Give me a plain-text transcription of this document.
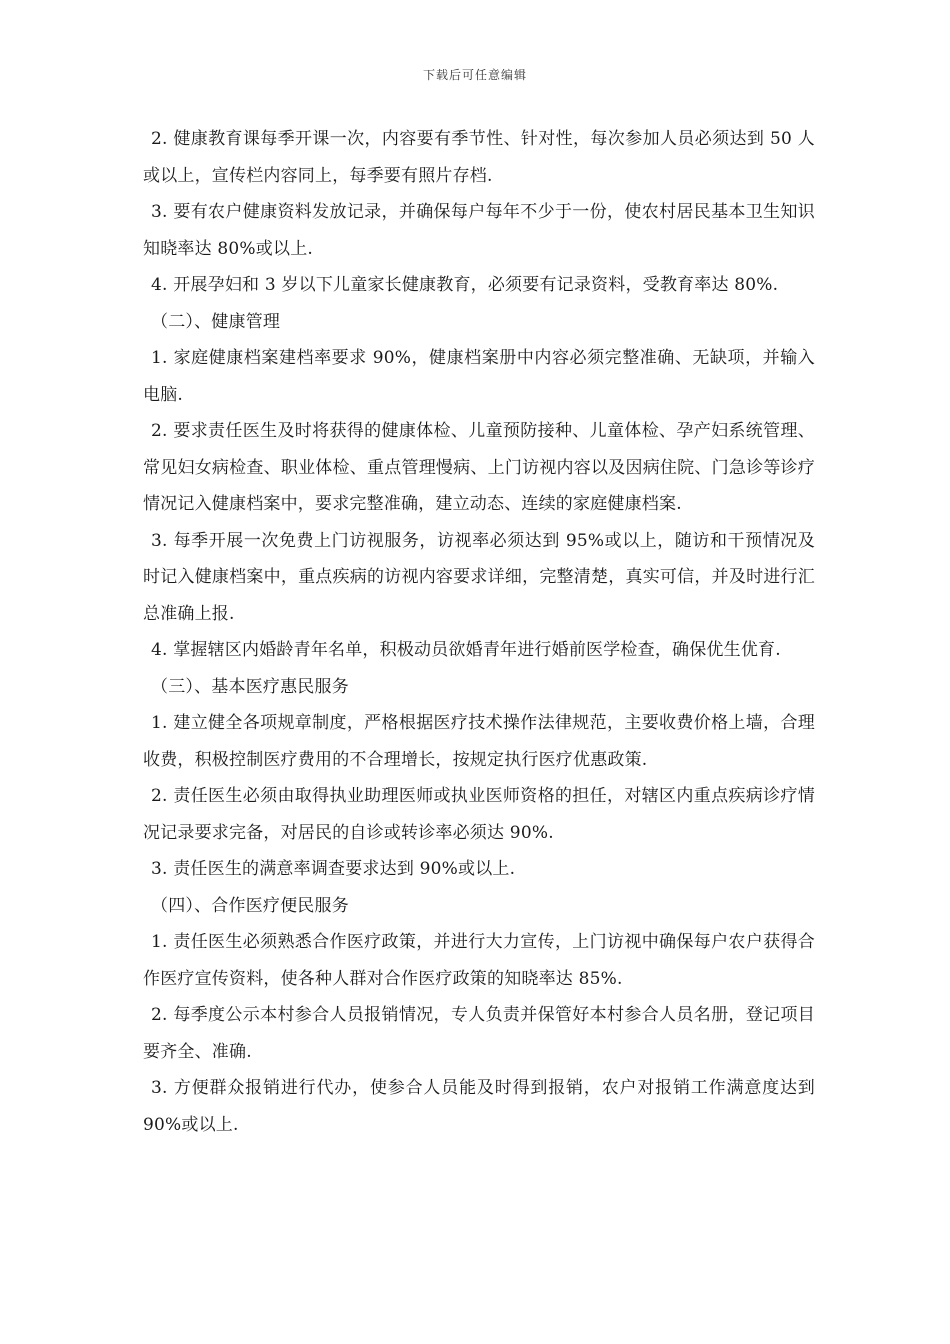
下载后可任意编辑

2. 健康教育课每季开课一次，内容要有季节性、针对性，每次参加人员必须达到 50 人或以上，宣传栏内容同上，每季要有照片存档.

3. 要有农户健康资料发放记录，并确保每户每年不少于一份，使农村居民基本卫生知识知晓率达 80%或以上.

4. 开展孕妇和 3 岁以下儿童家长健康教育，必须要有记录资料，受教育率达 80%.

（二）、健康管理

1. 家庭健康档案建档率要求 90%，健康档案册中内容必须完整准确、无缺项，并输入电脑.

2. 要求责任医生及时将获得的健康体检、儿童预防接种、儿童体检、孕产妇系统管理、常见妇女病检查、职业体检、重点管理慢病、上门访视内容以及因病住院、门急诊等诊疗情况记入健康档案中，要求完整准确，建立动态、连续的家庭健康档案.

3. 每季开展一次免费上门访视服务，访视率必须达到 95%或以上，随访和干预情况及时记入健康档案中，重点疾病的访视内容要求详细，完整清楚，真实可信，并及时进行汇总准确上报.

4. 掌握辖区内婚龄青年名单，积极动员欲婚青年进行婚前医学检查，确保优生优育.

（三）、基本医疗惠民服务

1. 建立健全各项规章制度，严格根据医疗技术操作法律规范，主要收费价格上墙，合理收费，积极控制医疗费用的不合理增长，按规定执行医疗优惠政策.

2. 责任医生必须由取得执业助理医师或执业医师资格的担任，对辖区内重点疾病诊疗情况记录要求完备，对居民的自诊或转诊率必须达 90%.

3. 责任医生的满意率调查要求达到 90%或以上.

（四）、合作医疗便民服务

1. 责任医生必须熟悉合作医疗政策，并进行大力宣传，上门访视中确保每户农户获得合作医疗宣传资料，使各种人群对合作医疗政策的知晓率达 85%.

2. 每季度公示本村参合人员报销情况，专人负责并保管好本村参合人员名册，登记项目要齐全、准确.

3. 方便群众报销进行代办，使参合人员能及时得到报销，农户对报销工作满意度达到 90%或以上.
